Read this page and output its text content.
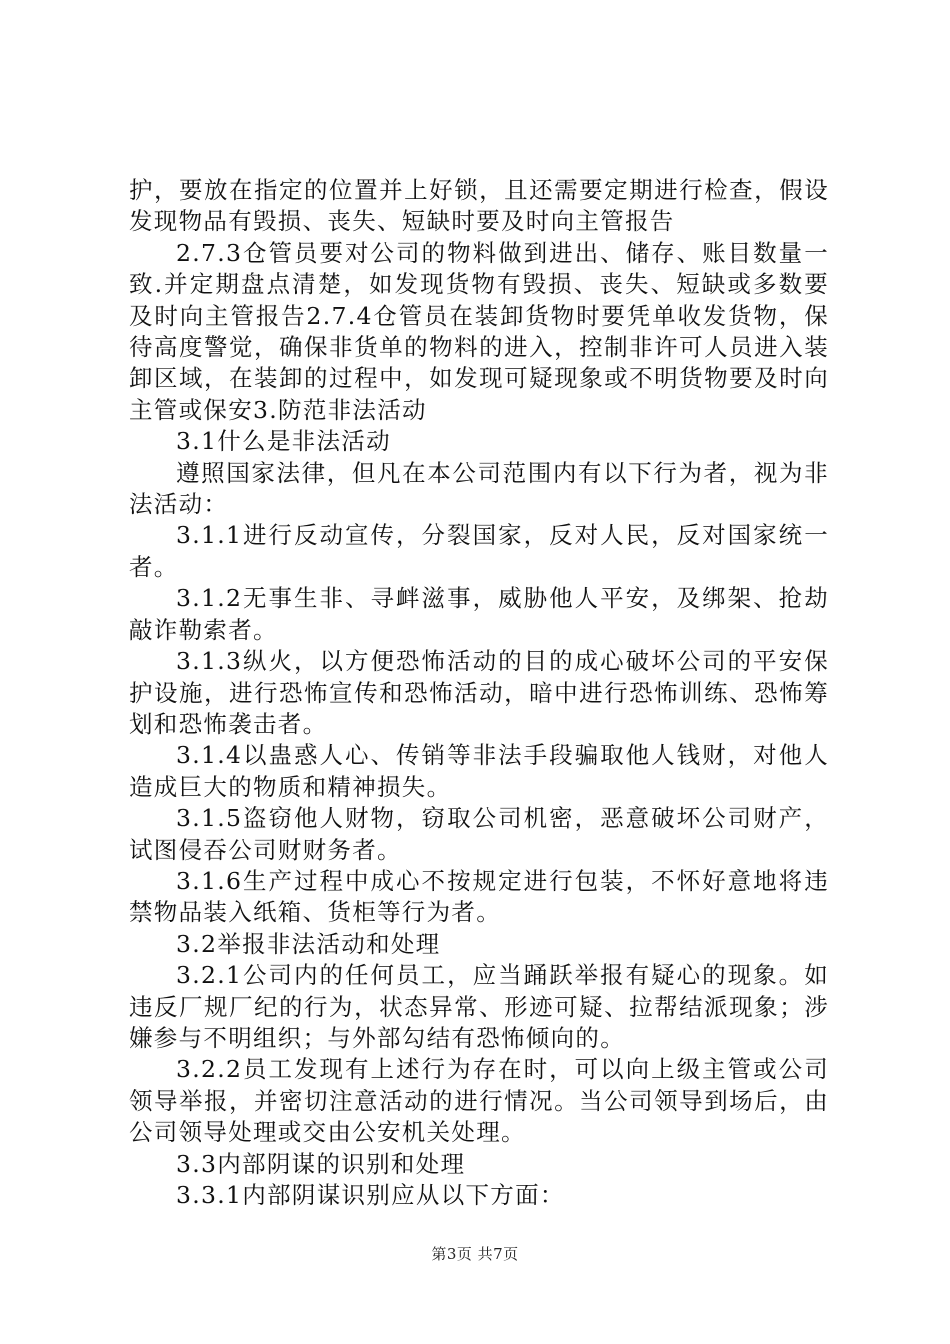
护，要放在指定的位置并上好锁，且还需要定期进行检查，假设发现物品有毁损、丧失、短缺时要及时向主管报告

2.7.3仓管员要对公司的物料做到进出、储存、账目数量一致.并定期盘点清楚，如发现货物有毁损、丧失、短缺或多数要及时向主管报告2.7.4仓管员在装卸货物时要凭单收发货物，保待高度警觉，确保非货单的物料的进入，控制非许可人员进入装卸区域，在装卸的过程中，如发现可疑现象或不明货物要及时向主管或保安3.防范非法活动

3.1什么是非法活动

遵照国家法律，但凡在本公司范围内有以下行为者，视为非法活动：

3.1.1进行反动宣传，分裂国家，反对人民，反对国家统一者。

3.1.2无事生非、寻衅滋事，威胁他人平安，及绑架、抢劫敲诈勒索者。

3.1.3纵火，以方便恐怖活动的目的成心破坏公司的平安保护设施，进行恐怖宣传和恐怖活动，暗中进行恐怖训练、恐怖筹划和恐怖袭击者。

3.1.4以蛊惑人心、传销等非法手段骗取他人钱财，对他人造成巨大的物质和精神损失。

3.1.5盗窃他人财物，窃取公司机密，恶意破坏公司财产，试图侵吞公司财财务者。

3.1.6生产过程中成心不按规定进行包装，不怀好意地将违禁物品装入纸箱、货柜等行为者。

3.2举报非法活动和处理

3.2.1公司内的任何员工，应当踊跃举报有疑心的现象。如违反厂规厂纪的行为，状态异常、形迹可疑、拉帮结派现象；涉嫌参与不明组织；与外部勾结有恐怖倾向的。

3.2.2员工发现有上述行为存在时，可以向上级主管或公司领导举报，并密切注意活动的进行情况。当公司领导到场后，由公司领导处理或交由公安机关处理。

3.3内部阴谋的识别和处理

3.3.1内部阴谋识别应从以下方面：

第3页 共7页
